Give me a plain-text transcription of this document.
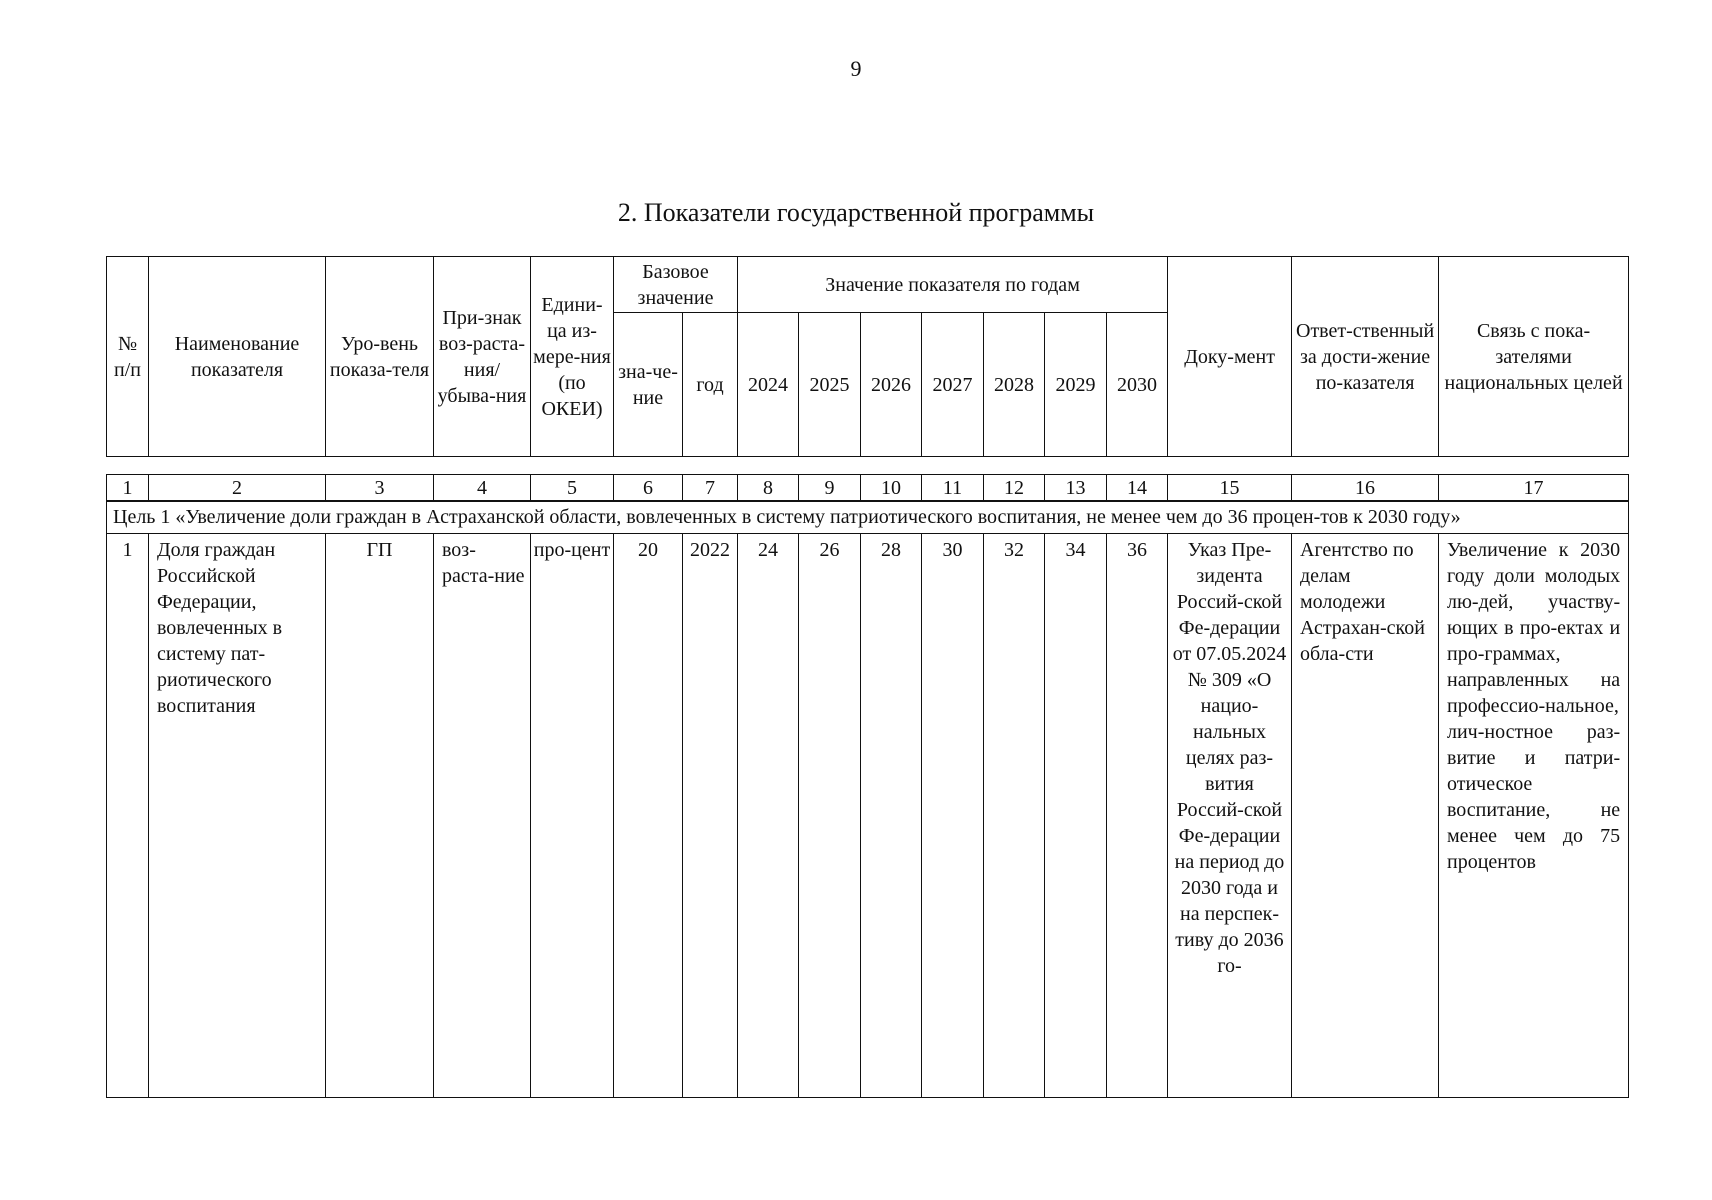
9
2. Показатели государственной программы
№ п/п	Наименование показателя	Уро-вень показа-теля	При-знак воз-раста-ния/ убыва-ния	Едини-ца из-мере-ния (по ОКЕИ)	Базовое значение		Значение показателя по годам							Доку-мент	Ответ-ственный за дости-жение по-казателя	Связь с пока-зателями национальных целей
					зна-че-ние	год	2024	2025	2026	2027	2028	2029	2030			
1	2	3	4	5	6	7	8	9	10	11	12	13	14	15	16	17
Цель 1 «Увеличение доли граждан в Астраханской области, вовлеченных в систему патриотического воспитания, не менее чем до 36 процен-тов к 2030 году»
1	Доля граждан Российской Федерации, вовлеченных в систему пат-риотического воспитания	ГП	воз-раста-ние	про-цент	20	2022	24	26	28	30	32	34	36	Указ Пре-зидента Россий-ской Фе-дерации от 07.05.2024 № 309 «О нацио-нальных целях раз-вития Россий-ской Фе-дерации на период до 2030 года и на перспек-тиву до 2036 го-	Агентство по делам молодежи Астрахан-ской обла-сти	Увеличение к 2030 году доли молодых лю-дей, участву-ющих в про-ектах и про-граммах, направленных на профессио-нальное, лич-ностное раз-витие и патри-отическое воспитание, не менее чем до 75 процентов
